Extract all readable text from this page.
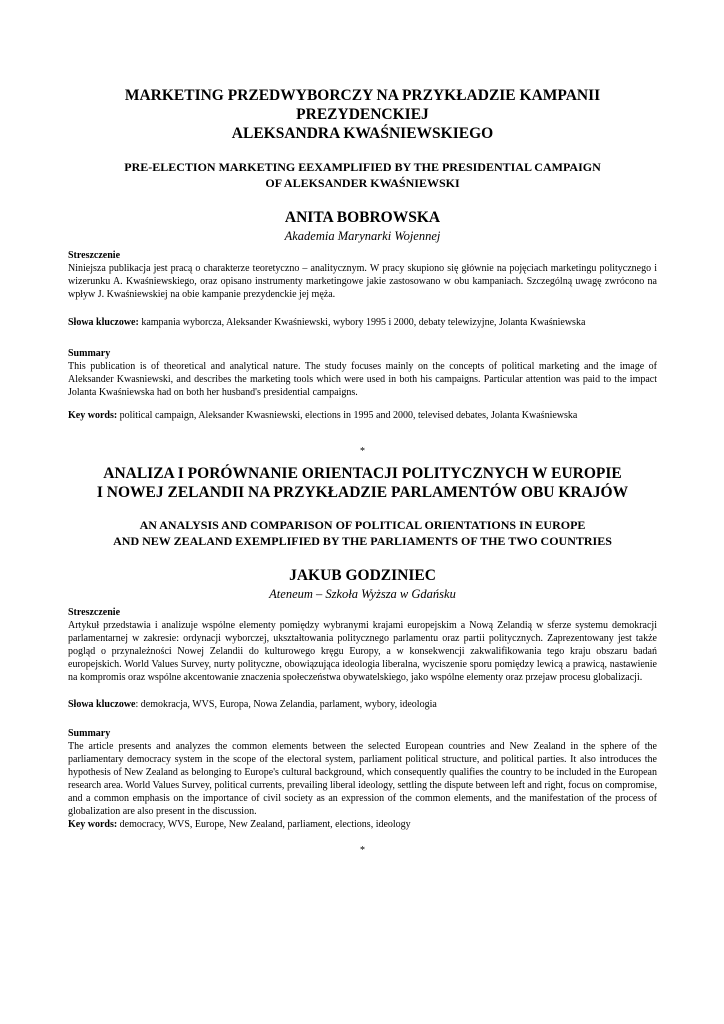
MARKETING PRZEDWYBORCZY NA PRZYKŁADZIE KAMPANII PREZYDENCKIEJ
ALEKSANDRA KWAŚNIEWSKIEGO
PRE-ELECTION MARKETING EEXAMPLIFIED BY THE PRESIDENTIAL CAMPAIGN
OF ALEKSANDER KWAŚNIEWSKI
ANITA BOBROWSKA
Akademia Marynarki Wojennej
Streszczenie

Niniejsza publikacja jest pracą o charakterze teoretyczno – analitycznym. W pracy skupiono się głównie na pojęciach marketingu politycznego i wizerunku A. Kwaśniewskiego, oraz opisano instrumenty marketingowe jakie zastosowano w obu kampaniach. Szczególną uwagę zwrócono na wpływ J. Kwaśniewskiej na obie kampanie prezydenckie jej męża.

Słowa kluczowe: kampania wyborcza, Aleksander Kwaśniewski, wybory 1995 i 2000, debaty telewizyjne, Jolanta Kwaśniewska

Summary

This publication is of theoretical and analytical nature. The study focuses mainly on the concepts of political marketing and the image of Aleksander Kwasniewski, and describes the marketing tools which were used in both his campaigns. Particular attention was paid to the impact Jolanta Kwaśniewska had on both her husband's presidential campaigns.

Key words: political campaign, Aleksander Kwasniewski, elections in 1995 and 2000, televised debates, Jolanta Kwaśniewska

*
ANALIZA I PORÓWNANIE ORIENTACJI POLITYCZNYCH W EUROPIE
I NOWEJ ZELANDII NA PRZYKŁADZIE PARLAMENTÓW OBU KRAJÓW
AN ANALYSIS AND COMPARISON OF POLITICAL ORIENTATIONS IN EUROPE
AND NEW ZEALAND EXEMPLIFIED BY THE PARLIAMENTS OF THE TWO COUNTRIES
JAKUB GODZINIEC
Ateneum – Szkoła Wyższa w Gdańsku
Streszczenie

Artykuł przedstawia i analizuje wspólne elementy pomiędzy wybranymi krajami europejskim a Nową Zelandią w sferze systemu demokracji parlamentarnej w zakresie: ordynacji wyborczej, ukształtowania politycznego parlamentu oraz partii politycznych. Zaprezentowany jest także pogląd o przynależności Nowej Zelandii do kulturowego kręgu Europy, a w konsekwencji zakwalifikowania tego kraju obszaru badań europejskich. World Values Survey, nurty polityczne, obowiązująca ideologia liberalna, wyciszenie sporu pomiędzy lewicą a prawicą, nastawienie na kompromis oraz wspólne akcentowanie znaczenia społeczeństwa obywatelskiego, jako wspólne elementy oraz przejaw procesu globalizacji.

Słowa kluczowe: demokracja, WVS, Europa, Nowa Zelandia, parlament, wybory, ideologia

Summary

The article presents and analyzes the common elements between the selected European countries and New Zealand in the sphere of the parliamentary democracy system in the scope of the electoral system, parliament political structure, and political parties. It also introduces the hypothesis of New Zealand as belonging to Europe's cultural background, which consequently qualifies the country to be included in the European research area. World Values Survey, political currents, prevailing liberal ideology, settling the dispute between left and right, focus on compromise, and a common emphasis on the importance of civil society as an expression of the common elements, and the manifestation of the process of globalization are also present in the discussion.

Key words: democracy, WVS, Europe, New Zealand, parliament, elections, ideology

*
